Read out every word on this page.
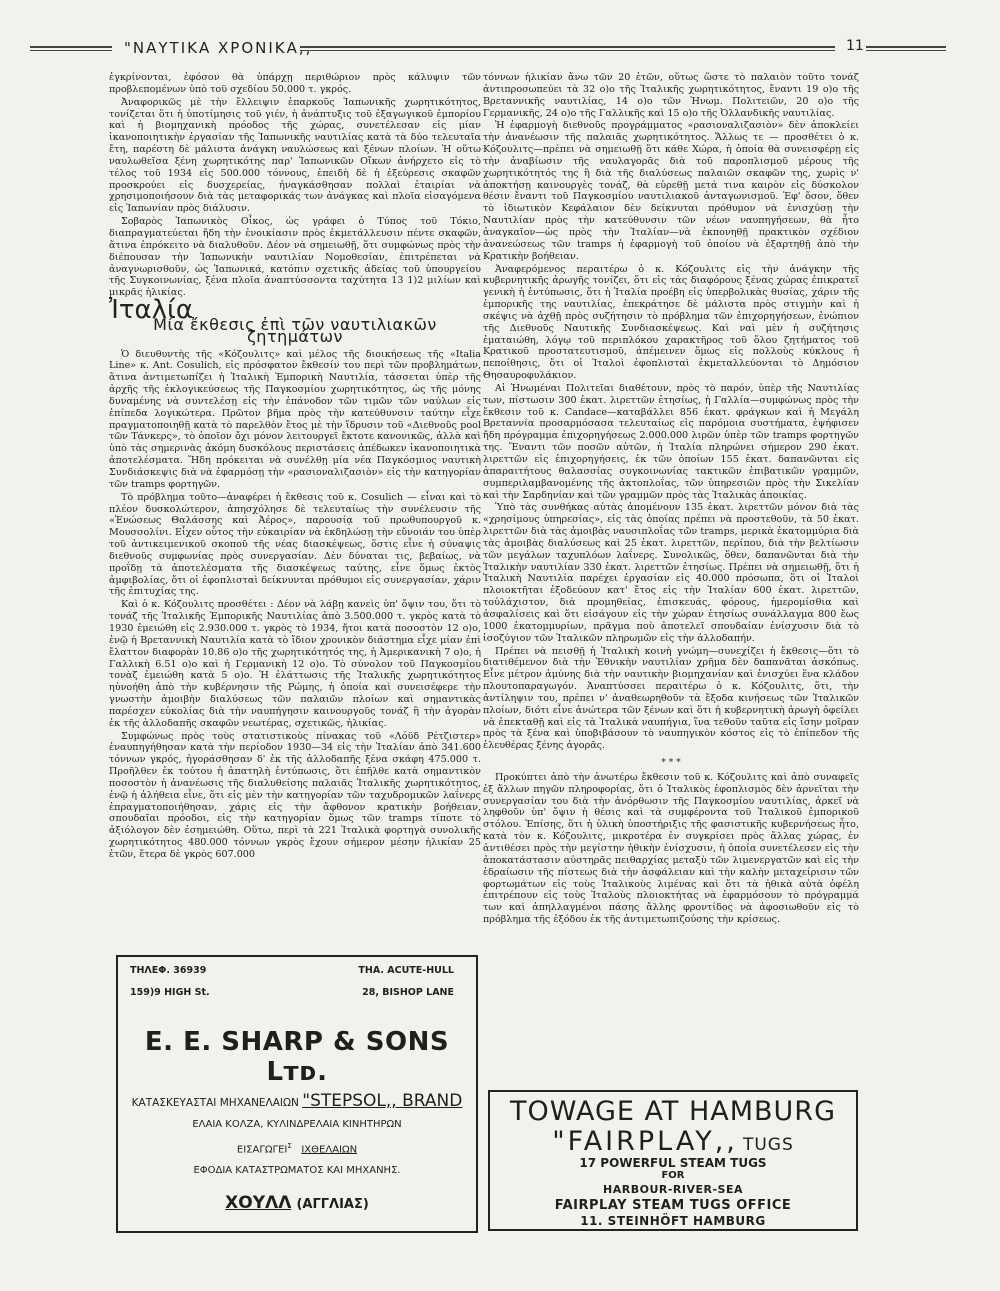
"ΝΑΥΤΙΚΑ ΧΡΟΝΙΚΑ,,	11

ἐγκρίνονται, ἐφόσον θὰ ὑπάρχῃ περιθώριον πρὸς κάλυψιν τῶν προβλεπομένων ὑπὸ τοῦ σχεδίου 50.000 τ. γκρός.

Ἀναφορικῶς μὲ τὴν ἔλλειψιν ἐπαρκοῦς Ἰαπωνικῆς χωρητικότητος, τονίζεται ὅτι ἡ ὑποτίμησις τοῦ γιέν, ἡ ἀνάπτυξις τοῦ ἐξαγωγικοῦ ἐμπορίου καὶ ἡ βιομηχανικὴ πρόοδος τῆς χώρας, συνετέλεσαν εἰς μίαν ἱκανοποιητικὴν ἐργασίαν τῆς Ἰαπωνικῆς ναυτιλίας κατὰ τὰ δύο τελευταῖα ἔτη, παρέστη δὲ μάλιστα ἀνάγκη ναυλώσεως καὶ ξένων πλοίων. Ἡ οὕτω ναυλωθεῖσα ξένη χωρητικότης παρ' Ἰαπωνικῶν Οἴκων ἀνήρχετο εἰς τὸ τέλος τοῦ 1934 εἰς 500.000 τόννους, ἐπειδὴ δὲ ἡ ἐξεύρεσις σκαφῶν προσκρούει εἰς δυσχερείας, ἠναγκάσθησαν πολλαὶ ἑταιρίαι νὰ χρησιμοποιήσουν διὰ τὰς μεταφορικάς των ἀνάγκας καὶ πλοῖα εἰσαγόμενα εἰς Ἰαπωνίαν πρὸς διάλυσιν.

Σοβαρὸς Ἰαπωνικὸς Οἶκος, ὡς γράφει ὁ Τύπος τοῦ Τόκιο, διαπραγματεύεται ἤδη τὴν ἐνοικίασιν πρὸς ἐκμετάλλευσιν πέντε σκαφῶν, ἅτινα ἐπρόκειτο νὰ διαλυθοῦν. Δέον νὰ σημειωθῇ, ὅτι συμφώνως πρὸς τὴν διέπουσαν τὴν Ἰαπωνικὴν ναυτιλίαν Νομοθεσίαν, ἐπιτρέπεται νὰ ἀναγνωρισθοῦν, ὡς Ἰαπωνικά, κατόπιν σχετικῆς ἀδείας τοῦ ὑπουργείου τῆς Συγκοινωνίας, ξένα πλοῖα ἀναπτύσσοντα ταχύτητα 13 1)2 μιλίων καὶ μικρᾶς ἡλικίας.

Ἰταλία
Μία ἔκθεσις ἐπὶ τῶν ναυτιλιακῶν ζητημάτων

Ὁ διευθυντὴς τῆς «Κόζουλιτς» καὶ μέλος τῆς διοικήσεως τῆς «Italia Line» κ. Ant. Cosulich, εἰς πρόσφατον ἔκθεσίν του περὶ τῶν προβλημάτων, ἅτινα ἀντιμετωπίζει ἡ Ἰταλικὴ Ἐμπορικὴ Ναυτιλία, τάσσεται ὑπὲρ τῆς ἀρχῆς τῆς ἐκλογικεύσεως τῆς Παγκοσμίου χωρητικότητος, ὡς τῆς μόνης δυναμένης νὰ συντελέσῃ εἰς τὴν ἐπάνοδον τῶν τιμῶν τῶν ναύλων εἰς ἐπίπεδα λογικώτερα. Πρῶτον βῆμα πρὸς τὴν κατεύθυνσιν ταύτην εἶχε πραγματοποιηθῇ κατὰ τὸ παρελθὸν ἔτος μὲ τὴν ἵδρυσιν τοῦ «Διεθνοῦς pool τῶν Τάνκερς», τὸ ὁποῖον ὄχι μόνον λειτουργεῖ ἔκτοτε κανονικῶς, ἀλλὰ καὶ ὑπὸ τὰς σημερινὰς ἀκόμη δυσκόλους περιστάσεις ἀπέδωκεν ἱκανοποιητικὰ ἀποτελέσματα. Ἤδη πρόκειται νὰ συνέλθῃ μία νέα Παγκόσμιος ναυτικὴ Συνδιάσκεψις διὰ νὰ ἐφαρμόσῃ τὴν «ρασιοναλιζασιὸν» εἰς τὴν κατηγορίαν τῶν tramps φορτηγῶν.

Τὸ πρόβλημα τοῦτο—ἀναφέρει ἡ ἔκθεσις τοῦ κ. Cosulich — εἶναι καὶ τὸ πλέον δυσκολώτερον, ἀπησχόλησε δὲ τελευταίως τὴν συνέλευσιν τῆς «Ἑνώσεως Θαλάσσης καὶ Ἀέρος», παρουσίᾳ τοῦ πρωθυπουργοῦ κ. Μουσσολίνι. Εἶχεν οὗτος τὴν εὐκαιρίαν νὰ ἐκδηλώσῃ τὴν εὔνοιάν του ὑπὲρ τοῦ ἀντικειμενικοῦ σκοποῦ τῆς νέας διασκέψεως, ὅστις εἶνε ἡ σύναψις διεθνοῦς συμφωνίας πρὸς συνεργασίαν. Δὲν δύναται τις, βεβαίως, νὰ προΐδῃ τὰ ἀποτελέσματα τῆς διασκέψεως ταύτης, εἶνε ὅμως ἐκτὸς ἀμφιβολίας, ὅτι οἱ ἐφοπλισταὶ δείκνυνται πρόθυμοι εἰς συνεργασίαν, χάριν τῆς ἐπιτυχίας της.

Καὶ ὁ κ. Κόζουλιτς προσθέτει : Δέον νὰ λάβῃ κανεὶς ὑπ' ὄψιν του, ὅτι τὸ τονάζ τῆς Ἰταλικῆς Ἐμπορικῆς Ναυτιλίας ἀπὸ 3.500.000 τ. γκρὸς κατὰ τὸ 1930 ἐμειώθη εἰς 2.930.000 τ. γκρὸς τὸ 1934, ἤτοι κατὰ ποσοστὸν 12 ο)ο, ἐνῷ ἡ Βρεταννικὴ Ναυτιλία κατὰ τὸ ἴδιον χρονικὸν διάστημα εἶχε μίαν ἐπὶ ἔλαττον διαφορὰν 10.86 ο)ο τῆς χωρητικότητός της, ἡ Ἀμερικανικὴ 7 ο)ο, ἡ Γαλλικὴ 6.51 ο)ο καὶ ἡ Γερμανικὴ 12 ο)ο. Τὸ σύνολον τοῦ Παγκοσμίου τονὰζ ἐμειώθη κατὰ 5 ο)ο. Ἡ ἐλάττωσις τῆς Ἰταλικῆς χωρητικότητος ηὐνοήθη ἀπὸ τὴν κυβέρνησιν τῆς Ρώμης, ἡ ὁποία καὶ συνεισέφερε τὴν γνωστὴν ἀμοιβὴν διαλύσεως τῶν παλαιῶν πλοίων καὶ σημαντικὰς παρέσχεν εὐκολίας διὰ τὴν ναυπήγησιν καινουργοῦς τονάζ ἢ τὴν ἀγορὰν ἐκ τῆς ἀλλοδαπῆς σκαφῶν νεωτέρας, σχετικῶς, ἡλικίας.

Συμφώνως πρὸς τοὺς στατιστικοὺς πίνακας τοῦ «Λόϋδ Ρέτζιστερ» ἐναυπηγήθησαν κατὰ τὴν περίοδον 1930—34 εἰς τὴν Ἰταλίαν ἀπὸ 341.600 τόννων γκρός, ἠγοράσθησαν δ' ἐκ τῆς ἀλλοδαπῆς ξένα σκάφη 475.000 τ. Προῆλθεν ἐκ τούτου ἡ ἀπατηλὴ ἐντύπωσις, ὅτι ἐπῆλθε κατὰ σημαντικὸν ποσοστὸν ἡ ἀνανέωσις τῆς διαλυθείσης παλαιᾶς Ἰταλικῆς χωρητικότητος, ἐνῷ ἡ ἀλήθεια εἶνε, ὅτι εἰς μὲν τὴν κατηγορίαν τῶν ταχυδρομικῶν λαΐνερς ἐπραγματοποιήθησαν, χάρις εἰς τὴν ἄφθονον κρατικὴν βοήθειαν, σπουδαῖαι πρόοδοι, εἰς τὴν κατηγορίαν ὅμως τῶν tramps τίποτε τὸ ἀξιόλογον δὲν ἐσημειώθη. Οὕτω, περὶ τὰ 221 Ἰταλικὰ φορτηγὰ συνολικῆς χωρητικότητος 480.000 τόννων γκρὸς ἔχουν σήμερον μέσην ἡλικίαν 25 ἐτῶν, ἕτερα δὲ γκρὸς 607.000

τόννων ἡλικίαν ἄνω τῶν 20 ἐτῶν, οὕτως ὥστε τὸ παλαιὸν τοῦτο τονάζ ἀντιπροσωπεύει τὰ 32 ο)ο τῆς Ἰταλικῆς χωρητικότητος, ἔναντι 19 ο)ο τῆς Βρεταννικῆς ναυτιλίας, 14 ο)ο τῶν Ἡνωμ. Πολιτειῶν, 20 ο)ο τῆς Γερμανικῆς, 24 ο)ο τῆς Γαλλικῆς καὶ 15 ο)ο τῆς Ὀλλανδικῆς ναυτιλίας.

Ἡ ἐφαρμογὴ διεθνοῦς προγράμματος «ρασιοναλιζασιὸν» δὲν ἀποκλείει τὴν ἀνανέωσιν τῆς παλαιᾶς χωρητικότητος. Ἄλλως τε — προσθέτει ὁ κ. Κόζουλιτς—πρέπει νὰ σημειωθῇ ὅτι κάθε Χώρα, ἡ ὁποία θὰ συνεισφέρῃ εἰς τὴν ἀναβίωσιν τῆς ναυλαγορᾶς διὰ τοῦ παροπλισμοῦ μέρους τῆς χωρητικότητός της ἢ διὰ τῆς διαλύσεως παλαιῶν σκαφῶν της, χωρὶς ν' ἀποκτήσῃ καινουργὲς τονάζ, θὰ εὑρεθῇ μετά τινα καιρὸν εἰς δύσκολον θέσιν ἔναντι τοῦ Παγκοσμίου ναυτιλιακοῦ ἀνταγωνισμοῦ. Ἐφ' ὅσον, ὅθεν τὸ ἰδιωτικὸν Κεφάλαιον δὲν δείκνυται πρόθυμον νὰ ἐνισχύσῃ τὴν Ναυτιλίαν πρὸς τὴν κατεύθυνσιν τῶν νέων ναυπηγήσεων, θὰ ἦτο ἀναγκαῖον—ὡς πρὸς τὴν Ἰταλίαν—νὰ ἐκπονηθῇ πρακτικὸν σχέδιον ἀνανεώσεως τῶν tramps ἡ ἐφαρμογὴ τοῦ ὁποίου νὰ ἐξαρτηθῇ ἀπὸ τὴν Κρατικὴν βοήθειαν.

Ἀναφερόμενος περαιτέρω ὁ κ. Κόζουλιτς εἰς τὴν ἀνάγκην τῆς κυβερνητικῆς ἀρωγῆς τονίζει, ὅτι εἰς τὰς διαφόρους ξένας χώρας ἐπικρατεῖ γενικὴ ἡ ἐντύπωσις, ὅτι ἡ Ἰταλία προέβη εἰς ὑπερβολικὰς θυσίας, χάριν τῆς ἐμπορικῆς της ναυτιλίας, ἐπεκράτησε δὲ μάλιστα πρὸς στιγμὴν καὶ ἡ σκέψις νὰ ἀχθῇ πρὸς συζήτησιν τὸ πρόβλημα τῶν ἐπιχορηγήσεων, ἐνώπιον τῆς Διεθνοῦς Ναυτικῆς Συνδιασκέψεως. Καὶ ναὶ μὲν ἡ συζήτησις ἐματαιώθη, λόγῳ τοῦ περιπλόκου χαρακτῆρος τοῦ ὅλου ζητήματος τοῦ Κρατικοῦ προστατευτισμοῦ, ἀπέμεινεν ὅμως εἰς πολλοὺς κύκλους ἡ πεποίθησις, ὅτι οἱ Ἰταλοὶ ἐφοπλισταὶ ἐκμεταλλεύονται τὸ Δημόσιον Θησαυροφυλάκιον.

Αἱ Ἡνωμέναι Πολιτεῖαι διαθέτουν, πρὸς τὸ παρόν, ὑπὲρ τῆς Ναυτιλίας των, πίστωσιν 300 ἑκατ. λιρεττῶν ἐτησίως, ἡ Γαλλία—συμφώνως πρὸς τὴν ἔκθεσιν τοῦ κ. Candace—καταβάλλει 856 ἑκατ. φράγκων καὶ ἡ Μεγάλη Βρεταννία προσαρμόσασα τελευταίως εἰς παρόμοια συστήματα, ἐψήφισεν ἤδη πρόγραμμα ἐπιχορηγήσεως 2.000.000 λιρῶν ὑπὲρ τῶν tramps φορτηγῶν της. Ἔναντι τῶν ποσῶν αὐτῶν, ἡ Ἰταλία πληρώνει σήμερον 290 ἑκατ. λιρεττῶν εἰς ἐπιχορηγήσεις, ἐκ τῶν ὁποίων 155 ἑκατ. δαπανῶνται εἰς ἀπαραιτήτους θαλασσίας συγκοινωνίας τακτικῶν ἐπιβατικῶν γραμμῶν, συμπεριλαμβανομένης τῆς ἀκτοπλοΐας, τῶν ὑπηρεσιῶν πρὸς τὴν Σικελίαν καὶ τὴν Σαρδηνίαν καὶ τῶν γραμμῶν πρὸς τὰς Ἰταλικὰς ἀποικίας.

Ὑπὸ τὰς συνθήκας αὐτὰς ἀπομένουν 135 ἑκατ. λιρεττῶν μόνον διὰ τὰς «χρησίμους ὑπηρεσίας», εἰς τὰς ὁποίας πρέπει νὰ προστεθοῦν, τὰ 50 ἑκατ. λιρεττῶν διὰ τὰς ἀμοιβὰς ναυσιπλοΐας τῶν tramps, μερικὰ ἑκατομμύρια διὰ τὰς ἀμοιβὰς διαλύσεως καὶ 25 ἑκατ. λιρεττῶν, περίπου, διὰ τὴν βελτίωσιν τῶν μεγάλων ταχυπλόων λαΐνερς. Συνολικῶς, ὅθεν, δαπανῶνται διὰ τὴν Ἰταλικὴν ναυτιλίαν 330 ἑκατ. λιρεττῶν ἐτησίως. Πρέπει νὰ σημειωθῇ, ὅτι ἡ Ἰταλικὴ Ναυτιλία παρέχει ἐργασίαν εἰς 40.000 πρόσωπα, ὅτι οἱ Ἰταλοὶ πλοιοκτῆται ἐξοδεύουν κατ' ἔτος εἰς τὴν Ἰταλίαν 600 ἑκατ. λιρεττῶν, τοὐλάχιστον, διὰ προμηθείας, ἐπισκευάς, φόρους, ἠμερομίσθια καὶ ἀσφαλίσεις καὶ ὅτι εἰσάγουν εἰς τὴν χώραν ἐτησίως συνάλλαγμα 800 ἕως 1000 ἑκατομμυρίων, πρᾶγμα ποὺ ἀποτελεῖ σπουδαίαν ἐνίσχυσιν διὰ τὸ ἰσοζύγιον τῶν Ἰταλικῶν πληρωμῶν εἰς τὴν ἀλλοδαπήν.

Πρέπει νὰ πεισθῇ ἡ Ἰταλικὴ κοινὴ γνώμη—συνεχίζει ἡ ἔκθεσις—ὅτι τὸ διατιθέμενον διὰ τὴν Ἐθνικὴν ναυτιλίαν χρῆμα δὲν δαπανᾶται ἀσκόπως. Εἶνε μέτρον ἀμύνης διὰ τὴν ναυτικὴν βιομηχανίαν καὶ ἐνισχύει ἕνα κλάδον πλουτοπαραγωγόν. Ἀναπτύσσει περαιτέρω ὁ κ. Κόζουλιτς, ὅτι, τὴν ἀντίληψιν του, πρέπει ν' ἀναθεωρηθοῦν τὰ ἔξοδα κινήσεως τῶν Ἰταλικῶν πλοίων, διότι εἶνε ἀνώτερα τῶν ξένων καὶ ὅτι ἡ κυβερνητικὴ ἀρωγὴ ὀφείλει νὰ ἐπεκταθῇ καὶ εἰς τὰ Ἰταλικὰ ναυπήγια, ἵνα τεθοῦν ταῦτα εἰς ἴσην μοῖραν πρὸς τὰ ξένα καὶ ὑποβιβάσουν τὸ ναυπηγικὸν κόστος εἰς τὸ ἐπίπεδον τῆς ἐλευθέρας ξένης ἀγορᾶς.

* * *

Προκύπτει ἀπὸ τὴν ἀνωτέρω ἔκθεσιν τοῦ κ. Κόζουλιτς καὶ ἀπὸ συναφεῖς ἐξ ἄλλων πηγῶν πληροφορίας, ὅτι ὁ Ἰταλικὸς ἐφοπλισμὸς δὲν ἀρνεῖται τὴν συνεργασίαν του διὰ τὴν ἀνόρθωσιν τῆς Παγκοσμίου ναυτιλίας, ἀρκεῖ νὰ ληφθοῦν ὑπ' ὄψιν ἡ θέσις καὶ τὰ συμφέροντα τοῦ Ἰταλικοῦ ἐμπορικοῦ στόλου. Ἐπίσης, ὅτι ἡ ὑλικὴ ὑποστήριξις τῆς φασιστικῆς κυβερνήσεως ἦτο, κατὰ τὸν κ. Κόζουλιτς, μικροτέρα ἐν συγκρίσει πρὸς ἄλλας χώρας, ἐν ἀντιθέσει πρὸς τὴν μεγίστην ἠθικὴν ἐνίσχυσιν, ἡ ὁποία συνετέλεσεν εἰς τὴν ἀποκατάστασιν αὐστηρᾶς πειθαρχίας μεταξὺ τῶν λιμενεργατῶν καὶ εἰς τὴν ἑδραίωσιν τῆς πίστεως διὰ τὴν ἀσφάλειαν καὶ τὴν καλὴν μεταχείρισιν τῶν φορτωμάτων εἰς τοὺς Ἰταλικοὺς λιμένας καὶ ὅτι τὰ ἠθικὰ αὐτὰ ὀφέλη ἐπιτρέπουν εἰς τοὺς Ἰταλοὺς πλοιοκτήτας νὰ ἐφαρμόσουν τὸ πρόγραμμά των καὶ ἀπηλλαγμένοι πάσης ἄλλης φροντίδος νὰ ἀφοσιωθοῦν εἰς τὸ πρόβλημα τῆς ἐξόδου ἐκ τῆς ἀντιμετωπιζούσης τὴν κρίσεως.

ΤΗΛΕΦ. 36939	THA. ACUTE-HULL
159)9 HIGH St.	28, BISHOP LANE
E. E. SHARP & SONS Lᴛᴅ.
ΚΑΤΑΣΚΕΥΑΣΤΑΙ ΜΗΧΑΝΕΛΑΙΩΝ "STEPSOL,, BRAND
ΕΛΑΙΑ ΚΟΛΖΑ, ΚΥΛΙΝΔΡΕΛΑΙΑ ΚΙΝΗΤΗΡΩΝ
$EI\Sigma A\Gamma\Omega\Gamma EI^\Sigma$ ΙΧΘΕΛΑΙΩΝ
ΕΦΟΔΙΑ ΚΑΤΑΣΤΡΩΜΑΤΟΣ ΚΑΙ ΜΗΧΑΝΗΣ.
ΧΟΥΛΛ (ΑΓΓΛΙΑΣ)
TOWAGE AT HAMBURG
"FAIRPLAY,, TUGS
17 POWERFUL STEAM TUGS
FOR
HARBOUR-RIVER-SEA
FAIRPLAY STEAM TUGS OFFICE
11. STEINHÖFT HAMBURG
